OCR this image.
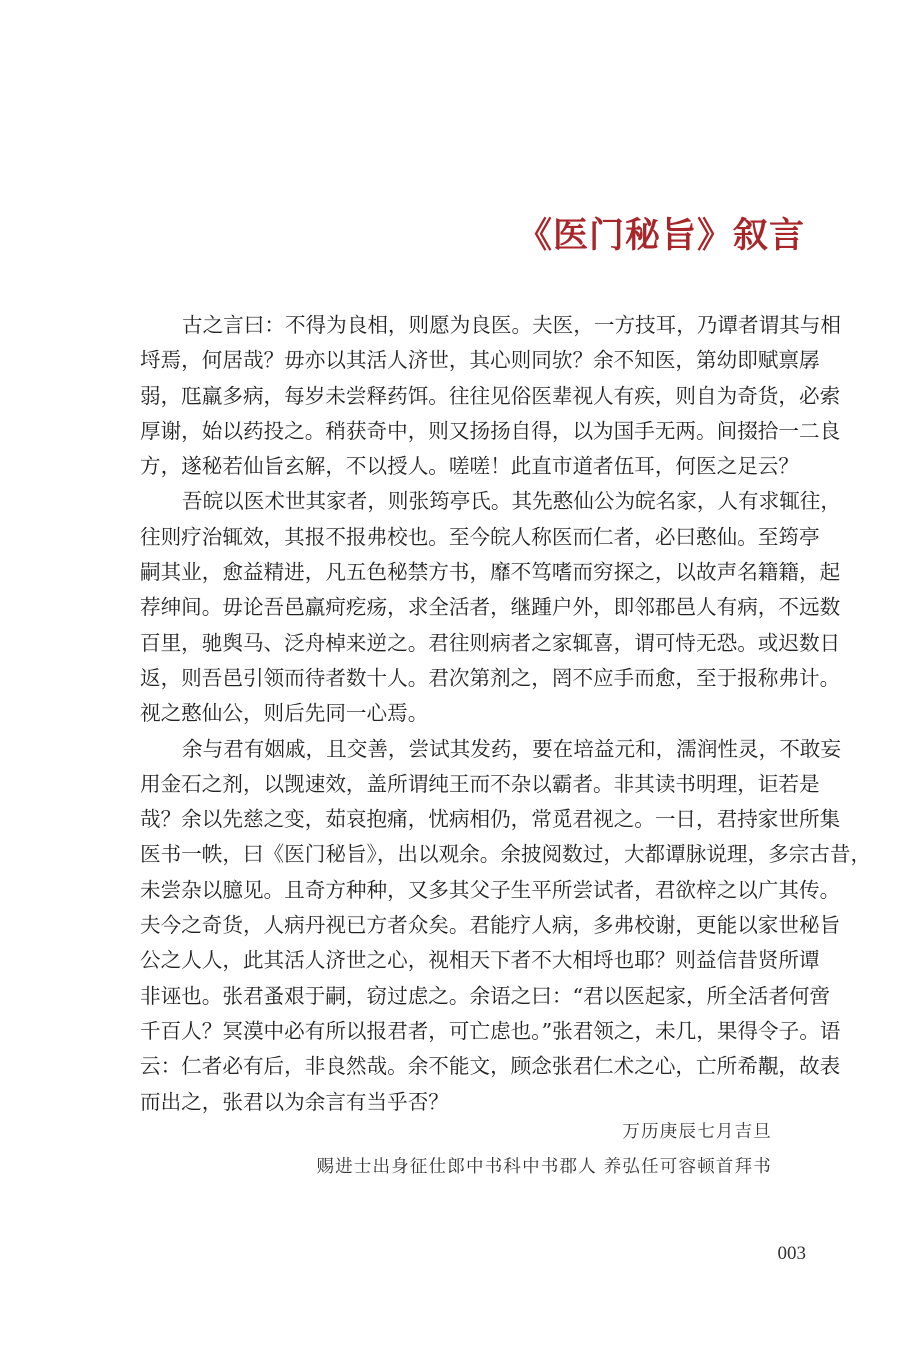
《医门秘旨》叙言
古之言曰：不得为良相，则愿为良医。夫医，一方技耳，乃谭者谓其与相
埒焉，何居哉？毋亦以其活人济世，其心则同欤？余不知医，第幼即赋禀孱
弱，尫羸多病，每岁未尝释药饵。往往见俗医辈视人有疾，则自为奇货，必索
厚谢，始以药投之。稍获奇中，则又扬扬自得，以为国手无两。间掇拾一二良
方，遂秘若仙旨玄解，不以授人。嗟嗟！此直市道者伍耳，何医之足云？
吾皖以医术世其家者，则张筠亭氏。其先憨仙公为皖名家，人有求辄往，
往则疗治辄效，其报不报弗校也。至今皖人称医而仁者，必曰憨仙。至筠亭
嗣其业，愈益精进，凡五色秘禁方书，靡不笃嗜而穷探之，以故声名籍籍，起
荐绅间。毋论吾邑羸疴疙疡，求全活者，继踵户外，即邻郡邑人有病，不远数
百里，驰舆马、泛舟棹来逆之。君往则病者之家辄喜，谓可恃无恐。或迟数日
返，则吾邑引领而待者数十人。君次第剂之，罔不应手而愈，至于报称弗计。
视之憨仙公，则后先同一心焉。
余与君有姻戚，且交善，尝试其发药，要在培益元和，濡润性灵，不敢妄
用金石之剂，以觊速效，盖所谓纯王而不杂以霸者。非其读书明理，讵若是
哉？余以先慈之变，茹哀抱痛，忧病相仍，常觅君视之。一日，君持家世所集
医书一帙，曰《医门秘旨》，出以观余。余披阅数过，大都谭脉说理，多宗古昔，
未尝杂以臆见。且奇方种种，又多其父子生平所尝试者，君欲梓之以广其传。
夫今之奇货，人病丹视已方者众矣。君能疗人病，多弗校谢，更能以家世秘旨
公之人人，此其活人济世之心，视相天下者不大相埒也耶？则益信昔贤所谭
非诬也。张君蚤艰于嗣，窃过虑之。余语之曰：“君以医起家，所全活者何啻
千百人？冥漠中必有所以报君者，可亡虑也。”张君领之，未几，果得令子。语
云：仁者必有后，非良然哉。余不能文，顾念张君仁术之心，亡所希覯，故表
而出之，张君以为余言有当乎否？
万历庚辰七月吉旦
赐进士出身征仕郎中书科中书郡人 养弘任可容顿首拜书
003
